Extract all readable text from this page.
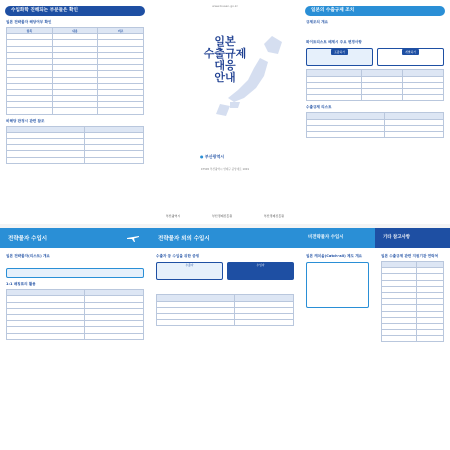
수입화학 진해되는 부분들은 확인
일본 전략물자 해당여부 확인
항목	내용	비고

비해당 판정시 관련 참조

www.busan.go.kr
일본
수출규제
대응
안내
● 부산광역시
47545 부산광역시 연제구 중앙대로 1001
부산광역시	부산경제진흥원	부산경제진흥원
일본의 수출규제 조치
규제조치 개요

화이트리스트 배제시 주요 변경사항
포괄허가	개별허가

수출규제 리스트

전략물자 수입시
일본 전략물자(리스트) 개요

1:1 매칭표의 활용

전략물자 외의 수입시
수출자 등 수입을 위한 증빙
수출자	수입자

비전략물자 수입시
일본 캐치올(Catch-all) 제도 개요

기타 참고사항
일본 수출규제 관련 지원기관 연락처
